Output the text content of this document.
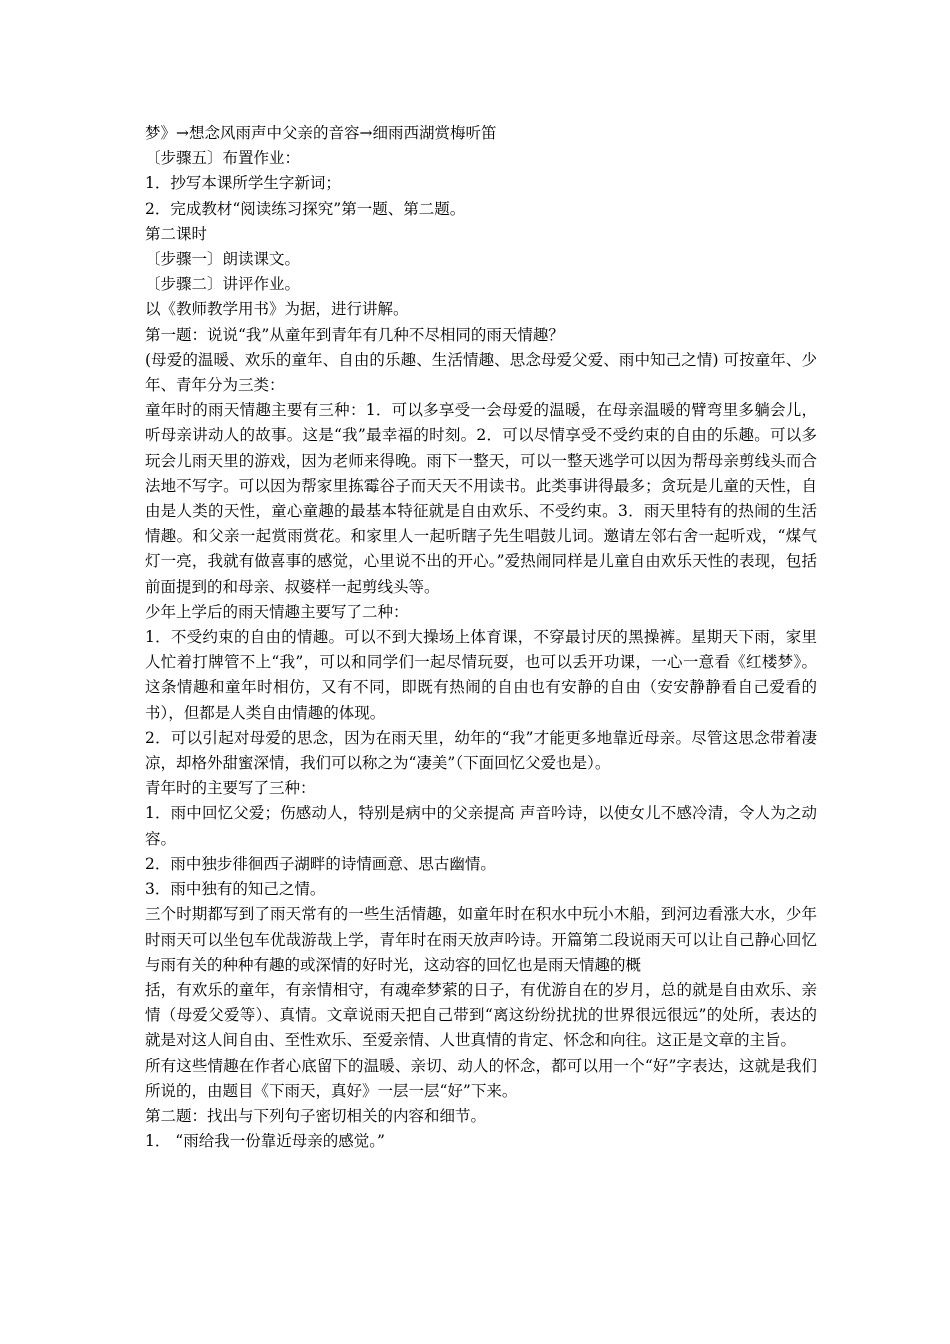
梦》→想念风雨声中父亲的音容→细雨西湖赏梅听笛

〔步骤五〕布置作业：

1．抄写本课所学生字新词；

2．完成教材“阅读练习探究”第一题、第二题。

第二课时

〔步骤一〕朗读课文。

〔步骤二〕讲评作业。

以《教师教学用书》为据，进行讲解。

第一题：说说“我”从童年到青年有几种不尽相同的雨天情趣？

(母爱的温暖、欢乐的童年、自由的乐趣、生活情趣、思念母爱父爱、雨中知己之情) 可按童年、少年、青年分为三类：

童年时的雨天情趣主要有三种：1．可以多享受一会母爱的温暖，在母亲温暖的臂弯里多躺会儿，听母亲讲动人的故事。这是“我”最幸福的时刻。2．可以尽情享受不受约束的自由的乐趣。可以多玩会儿雨天里的游戏，因为老师来得晚。雨下一整天，可以一整天逃学可以因为帮母亲剪线头而合法地不写字。可以因为帮家里拣霉谷子而天天不用读书。此类事讲得最多；贪玩是儿童的天性，自由是人类的天性，童心童趣的最基本特征就是自由欢乐、不受约束。3．雨天里特有的热闹的生活情趣。和父亲一起赏雨赏花。和家里人一起听瞎子先生唱鼓儿词。邀请左邻右舍一起听戏，“煤气灯一亮，我就有做喜事的感觉，心里说不出的开心。”爱热闹同样是儿童自由欢乐天性的表现，包括前面提到的和母亲、叔婆样一起剪线头等。

少年上学后的雨天情趣主要写了二种：

1．不受约束的自由的情趣。可以不到大操场上体育课，不穿最讨厌的黑操裤。星期天下雨，家里人忙着打牌管不上“我”，可以和同学们一起尽情玩耍，也可以丢开功课，一心一意看《红楼梦》。这条情趣和童年时相仿，又有不同，即既有热闹的自由也有安静的自由（安安静静看自己爱看的书），但都是人类自由情趣的体现。

2．可以引起对母爱的思念，因为在雨天里，幼年的“我”才能更多地靠近母亲。尽管这思念带着凄凉，却格外甜蜜深情，我们可以称之为“凄美”（下面回忆父爱也是）。

青年时的主要写了三种：

1．雨中回忆父爱；伤感动人，特别是病中的父亲提高 声音吟诗，以使女儿不感冷清，令人为之动容。

2．雨中独步徘徊西子湖畔的诗情画意、思古幽情。

3．雨中独有的知己之情。

三个时期都写到了雨天常有的一些生活情趣，如童年时在积水中玩小木船，到河边看涨大水，少年时雨天可以坐包车优哉游哉上学，青年时在雨天放声吟诗。开篇第二段说雨天可以让自己静心回忆与雨有关的种种有趣的或深情的好时光，这动容的回忆也是雨天情趣的概

括，有欢乐的童年，有亲情相守，有魂牵梦萦的日子，有优游自在的岁月，总的就是自由欢乐、亲情（母爱父爱等）、真情。文章说雨天把自己带到“离这纷纷扰扰的世界很远很远”的处所，表达的就是对这人间自由、至性欢乐、至爱亲情、人世真情的肯定、怀念和向往。这正是文章的主旨。

所有这些情趣在作者心底留下的温暖、亲切、动人的怀念，都可以用一个“好”字表达，这就是我们所说的，由题目《下雨天，真好》一层一层“好”下来。

第二题：找出与下列句子密切相关的内容和细节。

1． “雨给我一份靠近母亲的感觉。”
